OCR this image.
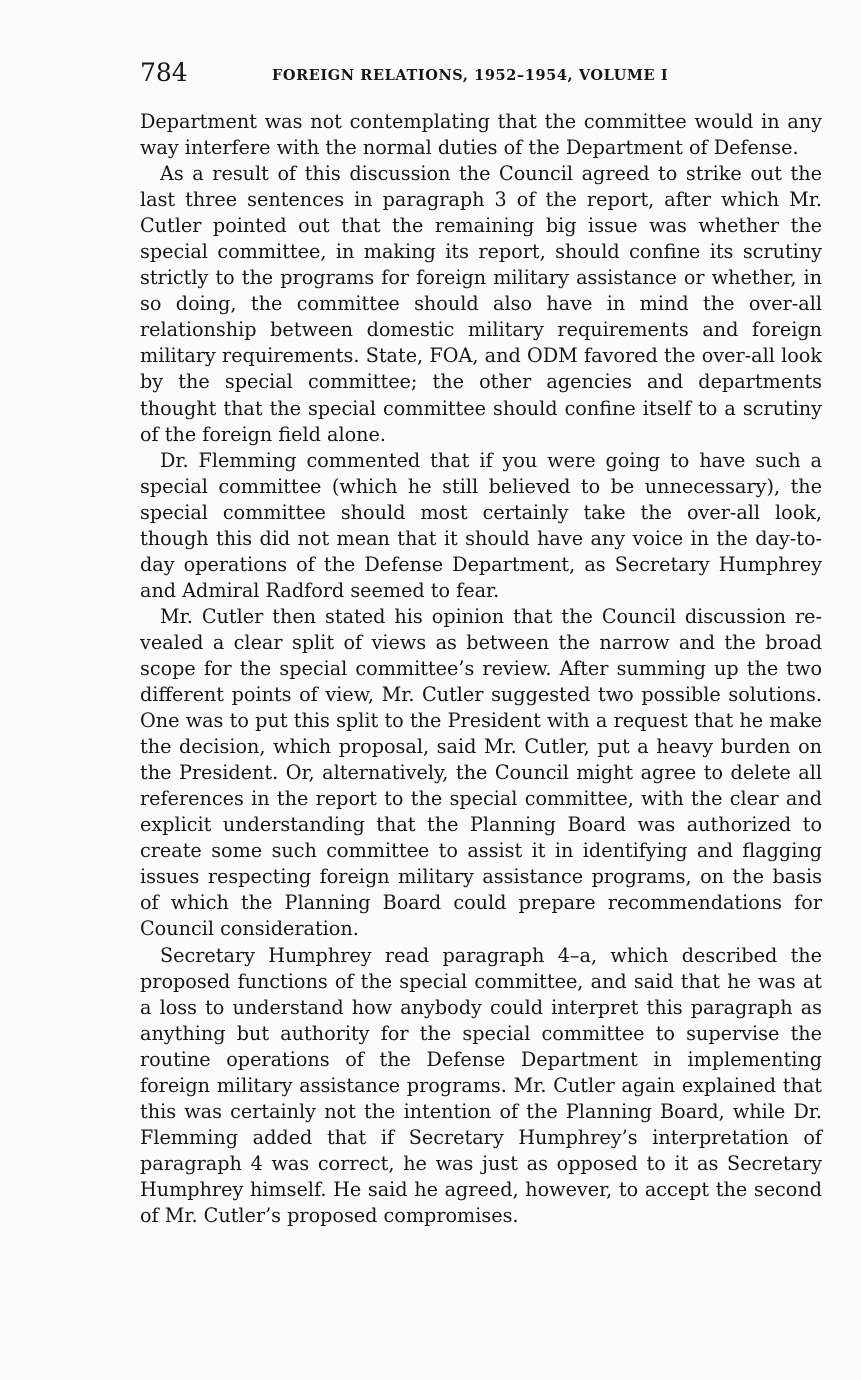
784	FOREIGN RELATIONS, 1952–1954, VOLUME I

Department was not contemplating that the committee would in any way interfere with the normal duties of the Department of Defense.

As a result of this discussion the Council agreed to strike out the last three sentences in paragraph 3 of the report, after which Mr. Cutler pointed out that the remaining big issue was whether the special committee, in making its report, should confine its scrutiny strictly to the programs for foreign military assistance or whether, in so doing, the committee should also have in mind the over-all relationship between domestic military requirements and foreign military requirements. State, FOA, and ODM favored the over-all look by the special committee; the other agencies and departments thought that the special committee should confine itself to a scrutiny of the foreign field alone.

Dr. Flemming commented that if you were going to have such a special committee (which he still believed to be unnecessary), the special committee should most certainly take the over-all look, though this did not mean that it should have any voice in the day-to-day operations of the Defense Department, as Secretary Humphrey and Admiral Radford seemed to fear.

Mr. Cutler then stated his opinion that the Council discussion revealed a clear split of views as between the narrow and the broad scope for the special committee’s review. After summing up the two different points of view, Mr. Cutler suggested two possible solutions. One was to put this split to the President with a request that he make the decision, which proposal, said Mr. Cutler, put a heavy burden on the President. Or, alternatively, the Council might agree to delete all references in the report to the special committee, with the clear and explicit understanding that the Planning Board was authorized to create some such committee to assist it in identifying and flagging issues respecting foreign military assistance programs, on the basis of which the Planning Board could prepare recommendations for Council consideration.

Secretary Humphrey read paragraph 4–a, which described the proposed functions of the special committee, and said that he was at a loss to understand how anybody could interpret this paragraph as anything but authority for the special committee to supervise the routine operations of the Defense Department in implementing foreign military assistance programs. Mr. Cutler again explained that this was certainly not the intention of the Planning Board, while Dr. Flemming added that if Secretary Humphrey’s interpretation of paragraph 4 was correct, he was just as opposed to it as Secretary Humphrey himself. He said he agreed, however, to accept the second of Mr. Cutler’s proposed compromises.
